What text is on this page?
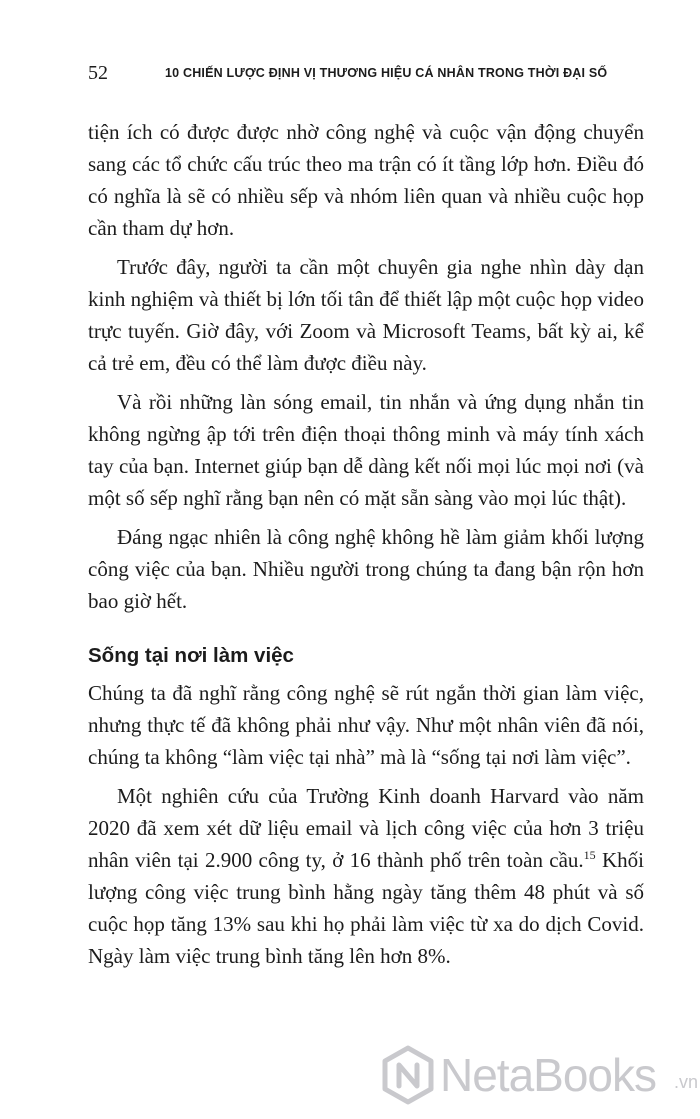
52	10 CHIẾN LƯỢC ĐỊNH VỊ THƯƠNG HIỆU CÁ NHÂN TRONG THỜI ĐẠI SỐ

tiện ích có được được nhờ công nghệ và cuộc vận động chuyển sang các tổ chức cấu trúc theo ma trận có ít tầng lớp hơn. Điều đó có nghĩa là sẽ có nhiều sếp và nhóm liên quan và nhiều cuộc họp cần tham dự hơn.

Trước đây, người ta cần một chuyên gia nghe nhìn dày dạn kinh nghiệm và thiết bị lớn tối tân để thiết lập một cuộc họp video trực tuyến. Giờ đây, với Zoom và Microsoft Teams, bất kỳ ai, kể cả trẻ em, đều có thể làm được điều này.

Và rồi những làn sóng email, tin nhắn và ứng dụng nhắn tin không ngừng ập tới trên điện thoại thông minh và máy tính xách tay của bạn. Internet giúp bạn dễ dàng kết nối mọi lúc mọi nơi (và một số sếp nghĩ rằng bạn nên có mặt sẵn sàng vào mọi lúc thật).

Đáng ngạc nhiên là công nghệ không hề làm giảm khối lượng công việc của bạn. Nhiều người trong chúng ta đang bận rộn hơn bao giờ hết.

Sống tại nơi làm việc

Chúng ta đã nghĩ rằng công nghệ sẽ rút ngắn thời gian làm việc, nhưng thực tế đã không phải như vậy. Như một nhân viên đã nói, chúng ta không “làm việc tại nhà” mà là “sống tại nơi làm việc”.

Một nghiên cứu của Trường Kinh doanh Harvard vào năm 2020 đã xem xét dữ liệu email và lịch công việc của hơn 3 triệu nhân viên tại 2.900 công ty, ở 16 thành phố trên toàn cầu.$^{15}$ Khối lượng công việc trung bình hằng ngày tăng thêm 48 phút và số cuộc họp tăng 13% sau khi họ phải làm việc từ xa do dịch Covid. Ngày làm việc trung bình tăng lên hơn 8%.

NetaBooks .vn
